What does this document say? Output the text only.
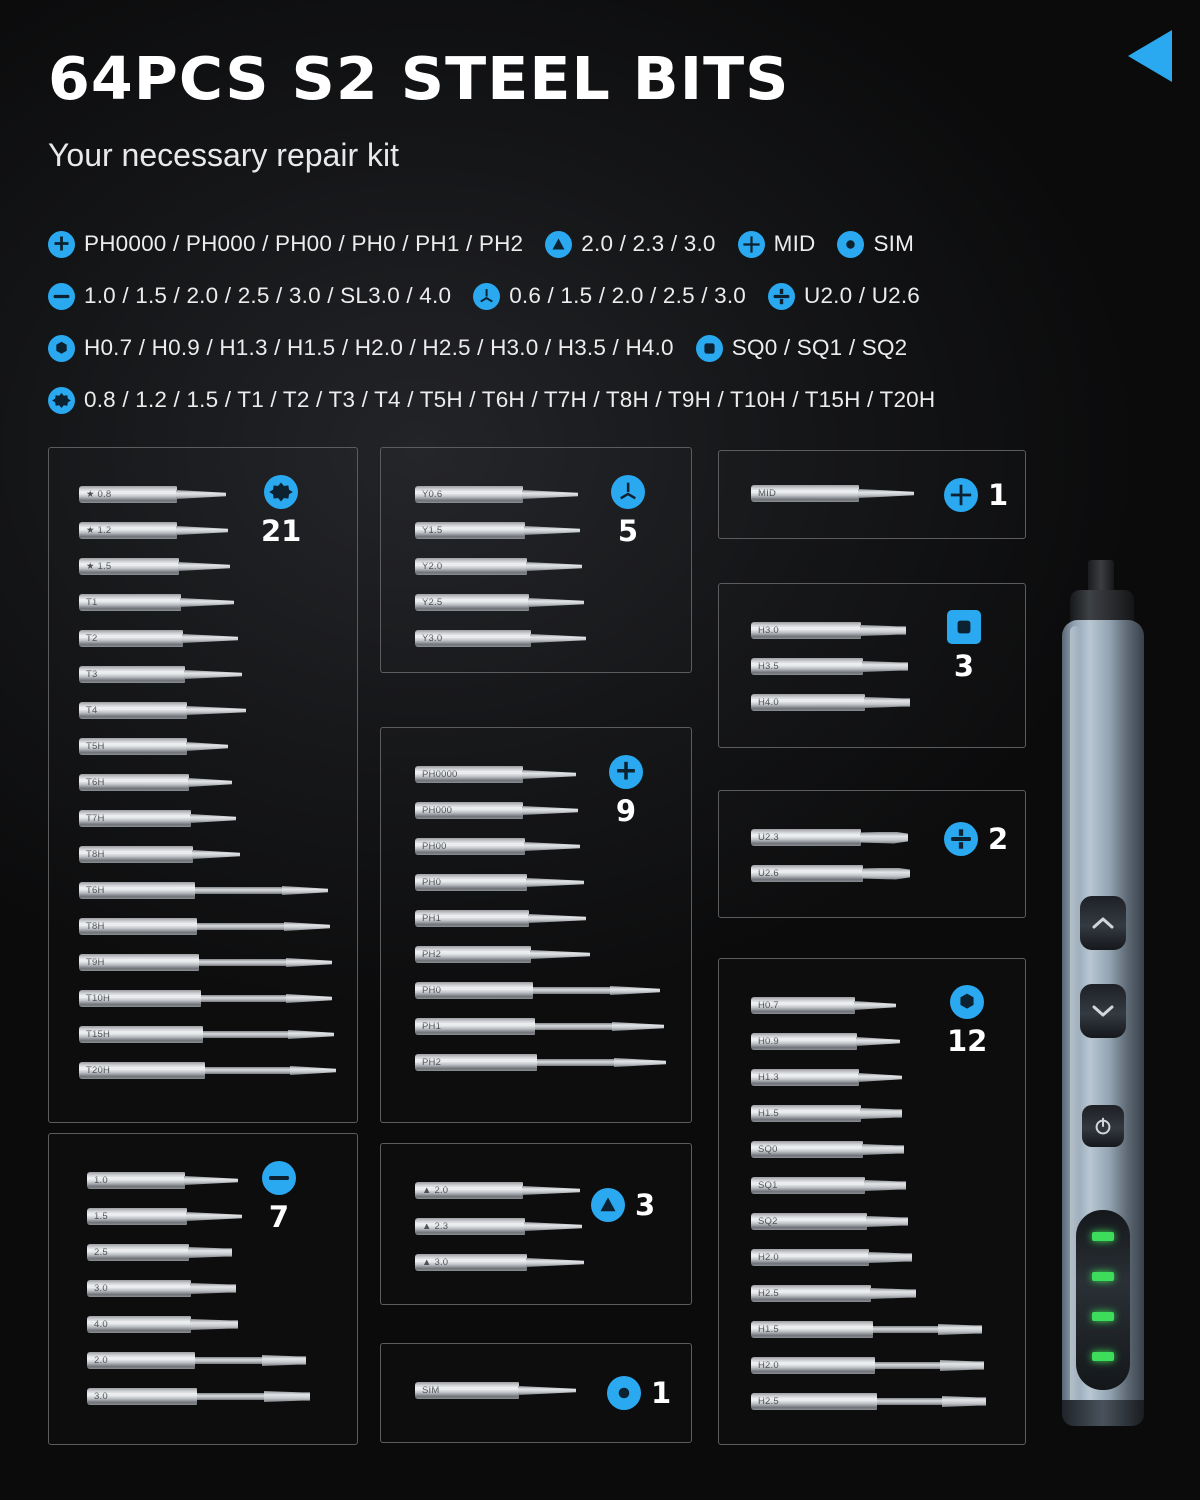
64PCS S2 STEEL BITS
Your necessary repair kit
PH0000 / PH000 / PH00 / PH0 / PH1 / PH2	2.0 / 2.3 / 3.0	MID	SIM
1.0 / 1.5 / 2.0 / 2.5 / 3.0 / SL3.0 / 4.0	0.6 / 1.5 / 2.0 / 2.5 / 3.0	U2.0 / U2.6
H0.7 / H0.9 / H1.3 / H1.5 / H2.0 / H2.5 / H3.0 / H3.5 / H4.0	SQ0 / SQ1 / SQ2
0.8 / 1.2 / 1.5 / T1 / T2 / T3 / T4 / T5H / T6H / T7H / T8H / T9H / T10H / T15H / T20H
21
★ 0.8
★ 1.2
★ 1.5
T1
T2
T3
T4
T5H
T6H
T7H
T8H
T6H
T8H
T9H
T10H
T15H
T20H
7
1.0
1.5
2.5
3.0
4.0
2.0
3.0
5
Y0.6
Y1.5
Y2.0
Y2.5
Y3.0
9
PH0000
PH000
PH00
PH0
PH1
PH2
PH0
PH1
PH2
3
▲ 2.0
▲ 2.3
▲ 3.0
1
SIM
1
MID
3
H3.0
H3.5
H4.0
2
U2.3
U2.6
12
H0.7
H0.9
H1.3
H1.5
SQ0
SQ1
SQ2
H2.0
H2.5
H1.5
H2.0
H2.5
